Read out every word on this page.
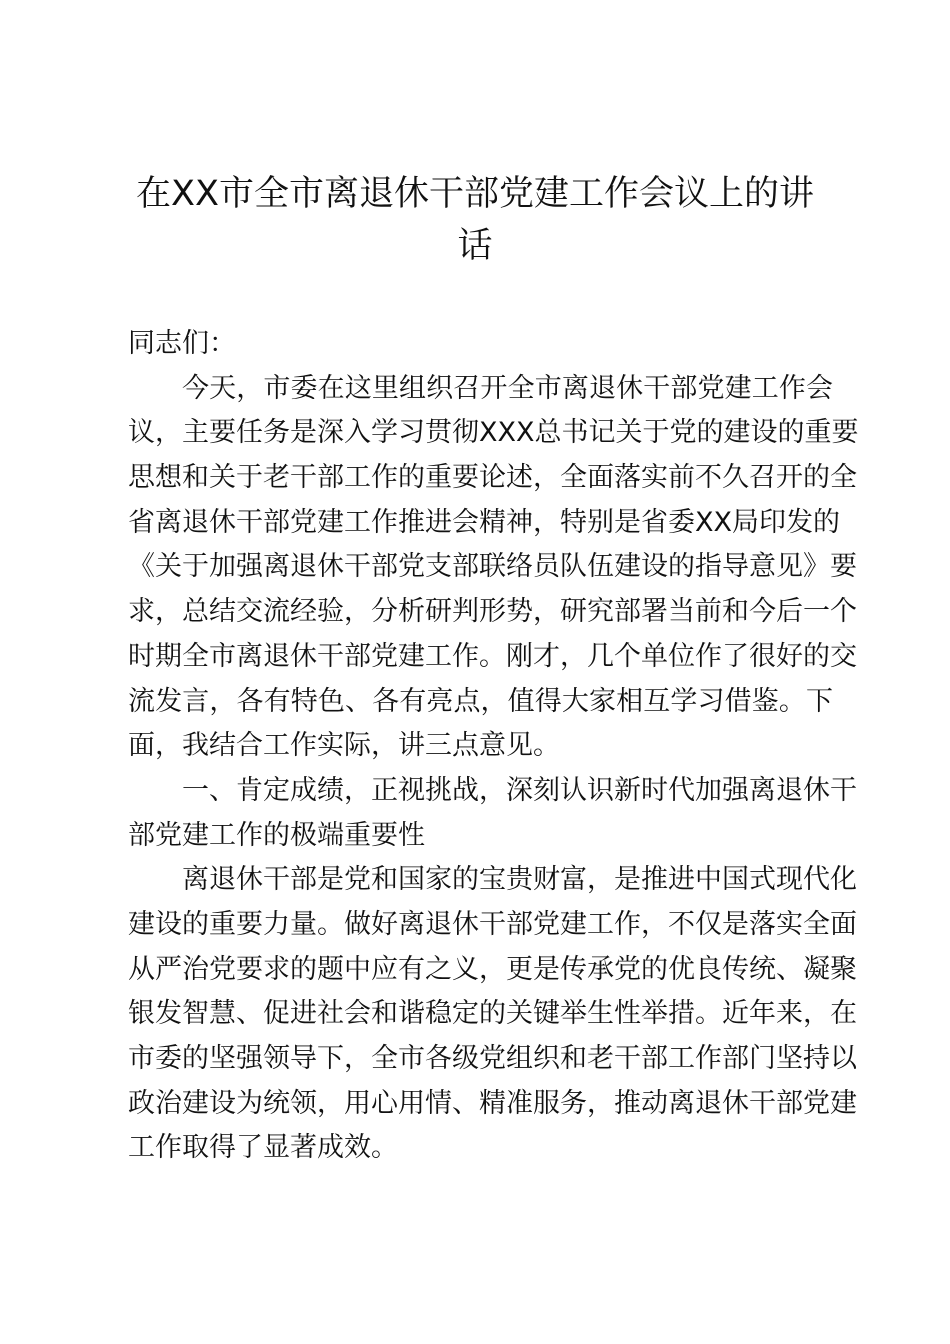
在XX市全市离退休干部党建工作会议上的讲
话
同志们：
今天，市委在这里组织召开全市离退休干部党建工作会
议，主要任务是深入学习贯彻XXX总书记关于党的建设的重要
思想和关于老干部工作的重要论述，全面落实前不久召开的全
省离退休干部党建工作推进会精神，特别是省委XX局印发的
《关于加强离退休干部党支部联络员队伍建设的指导意见》要
求，总结交流经验，分析研判形势，研究部署当前和今后一个
时期全市离退休干部党建工作。刚才，几个单位作了很好的交
流发言，各有特色、各有亮点，值得大家相互学习借鉴。下
面，我结合工作实际，讲三点意见。
一、肯定成绩，正视挑战，深刻认识新时代加强离退休干
部党建工作的极端重要性
离退休干部是党和国家的宝贵财富，是推进中国式现代化
建设的重要力量。做好离退休干部党建工作，不仅是落实全面
从严治党要求的题中应有之义，更是传承党的优良传统、凝聚
银发智慧、促进社会和谐稳定的关键举生性举措。近年来，在
市委的坚强领导下，全市各级党组织和老干部工作部门坚持以
政治建设为统领，用心用情、精准服务，推动离退休干部党建
工作取得了显著成效。
